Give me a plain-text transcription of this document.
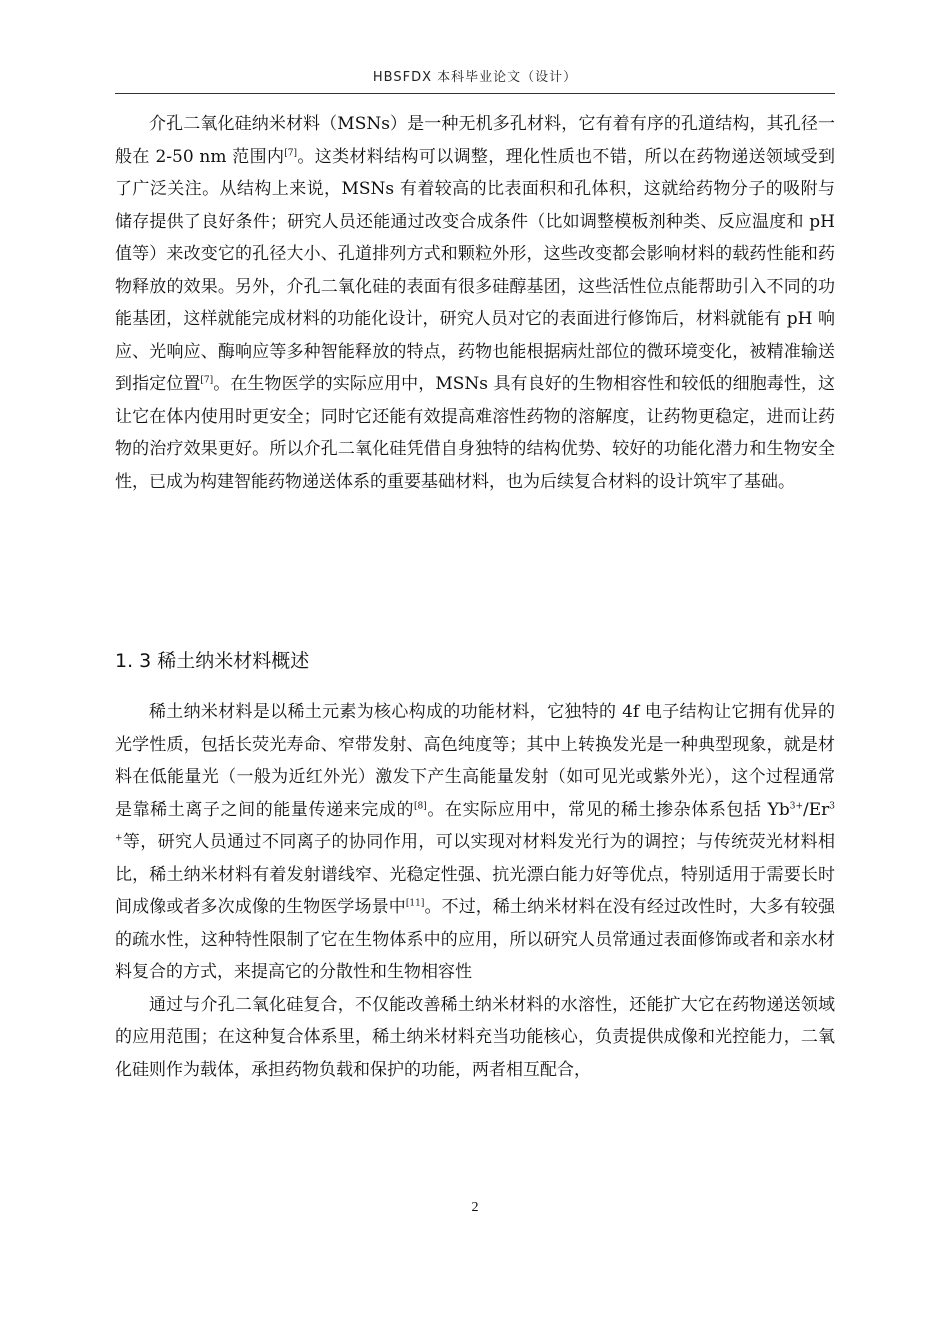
HBSFDX 本科毕业论文（设计）

介孔二氧化硅纳米材料（MSNs）是一种无机多孔材料，它有着有序的孔道结构，其孔径一般在 2-50 nm 范围内[7]。这类材料结构可以调整，理化性质也不错，所以在药物递送领域受到了广泛关注。从结构上来说，MSNs 有着较高的比表面积和孔体积，这就给药物分子的吸附与储存提供了良好条件；研究人员还能通过改变合成条件（比如调整模板剂种类、反应温度和 pH 值等）来改变它的孔径大小、孔道排列方式和颗粒外形，这些改变都会影响材料的载药性能和药物释放的效果。另外，介孔二氧化硅的表面有很多硅醇基团，这些活性位点能帮助引入不同的功能基团，这样就能完成材料的功能化设计，研究人员对它的表面进行修饰后，材料就能有 pH 响应、光响应、酶响应等多种智能释放的特点，药物也能根据病灶部位的微环境变化，被精准输送到指定位置[7]。在生物医学的实际应用中，MSNs 具有良好的生物相容性和较低的细胞毒性，这让它在体内使用时更安全；同时它还能有效提高难溶性药物的溶解度，让药物更稳定，进而让药物的治疗效果更好。所以介孔二氧化硅凭借自身独特的结构优势、较好的功能化潜力和生物安全性，已成为构建智能药物递送体系的重要基础材料，也为后续复合材料的设计筑牢了基础。

1. 3 稀土纳米材料概述

稀土纳米材料是以稀土元素为核心构成的功能材料，它独特的 4f 电子结构让它拥有优异的光学性质，包括长荧光寿命、窄带发射、高色纯度等；其中上转换发光是一种典型现象，就是材料在低能量光（一般为近红外光）激发下产生高能量发射（如可见光或紫外光），这个过程通常是靠稀土离子之间的能量传递来完成的[8]。在实际应用中，常见的稀土掺杂体系包括 $Yb^{3+}/Er^{3+}$等，研究人员通过不同离子的协同作用，可以实现对材料发光行为的调控；与传统荧光材料相比，稀土纳米材料有着发射谱线窄、光稳定性强、抗光漂白能力好等优点，特别适用于需要长时间成像或者多次成像的生物医学场景中[11]。不过，稀土纳米材料在没有经过改性时，大多有较强的疏水性，这种特性限制了它在生物体系中的应用，所以研究人员常通过表面修饰或者和亲水材料复合的方式，来提高它的分散性和生物相容性

通过与介孔二氧化硅复合，不仅能改善稀土纳米材料的水溶性，还能扩大它在药物递送领域的应用范围；在这种复合体系里，稀土纳米材料充当功能核心，负责提供成像和光控能力，二氧化硅则作为载体，承担药物负载和保护的功能，两者相互配合，

2
